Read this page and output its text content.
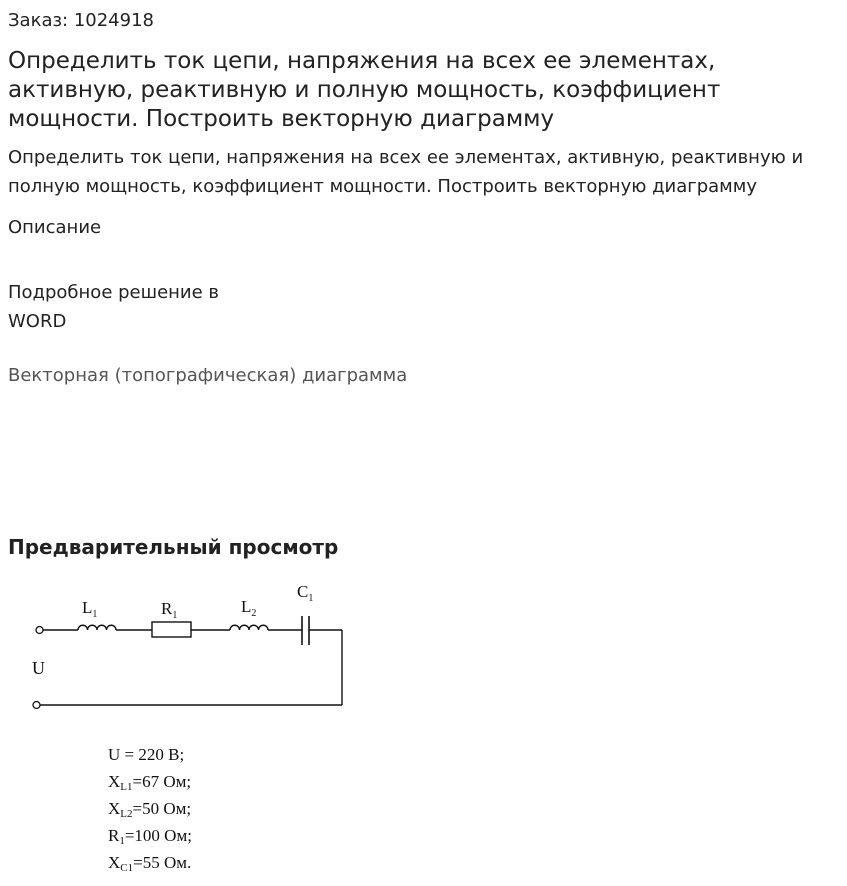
Заказ: 1024918
Определить ток цепи, напряжения на всех ее элементах, активную, реактивную и полную мощность, коэффициент мощности. Построить векторную диаграмму
Определить ток цепи, напряжения на всех ее элементах, активную, реактивную и полную мощность, коэффициент мощности. Построить векторную диаграмму
Описание
Подробное решение в WORD
Векторная (топографическая) диаграмма
Предварительный просмотр
$L_1$	$R_1$	$L_2$
$C_1$
U
U = 220 В;
$X_{L1}=67$ Ом;
$X_{L2}=50$ Ом;
$R_1=100$ Ом;
$X_{C1}=55$ Ом.
